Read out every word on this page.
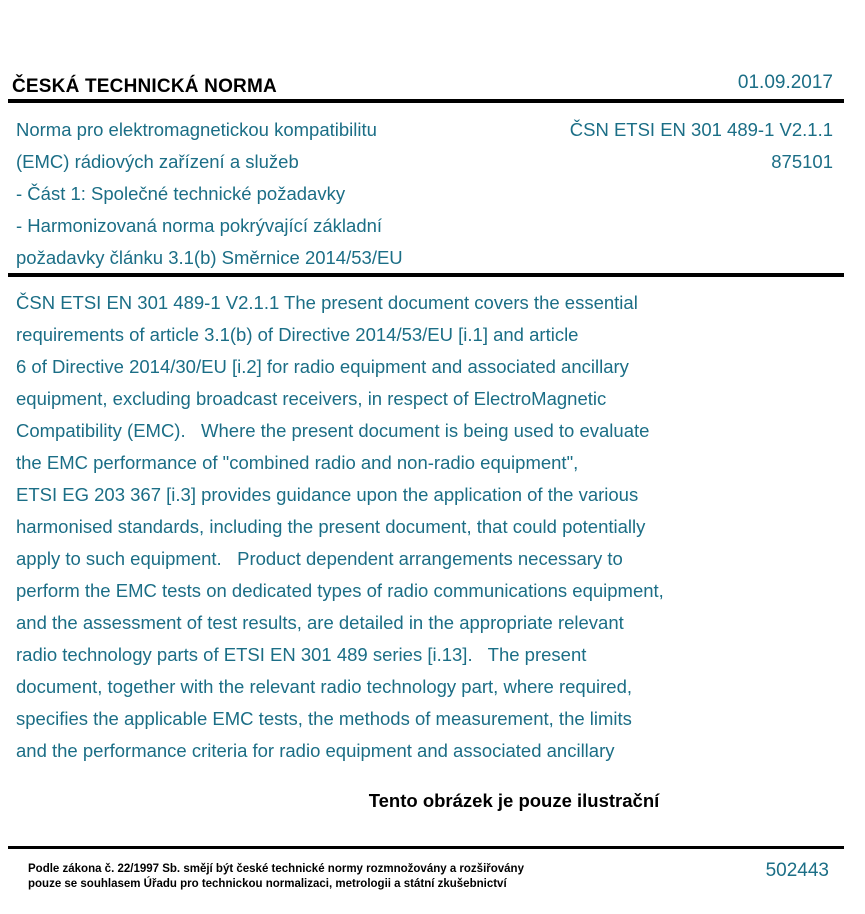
ČESKÁ TECHNICKÁ NORMA	01.09.2017
Norma pro elektromagnetickou kompatibilitu
(EMC) rádiových zařízení a služeb
- Část 1: Společné technické požadavky
- Harmonizovaná norma pokrývající základní
požadavky článku 3.1(b) Směrnice 2014/53/EU
ČSN ETSI EN 301 489-1 V2.1.1
875101
ČSN ETSI EN 301 489-1 V2.1.1 The present document covers the essential
requirements of article 3.1(b) of Directive 2014/53/EU [i.1] and article
6 of Directive 2014/30/EU [i.2] for radio equipment and associated ancillary
equipment, excluding broadcast receivers, in respect of ElectroMagnetic
Compatibility (EMC).   Where the present document is being used to evaluate
the EMC performance of "combined radio and non-radio equipment",
ETSI EG 203 367 [i.3] provides guidance upon the application of the various
harmonised standards, including the present document, that could potentially
apply to such equipment.   Product dependent arrangements necessary to
perform the EMC tests on dedicated types of radio communications equipment,
and the assessment of test results, are detailed in the appropriate relevant
radio technology parts of ETSI EN 301 489 series [i.13].   The present
document, together with the relevant radio technology part, where required,
specifies the applicable EMC tests, the methods of measurement, the limits
and the performance criteria for radio equipment and associated ancillary
Tento obrázek je pouze ilustrační
Podle zákona č. 22/1997 Sb. smějí být české technické normy rozmnožovány a rozšiřovány
pouze se souhlasem Úřadu pro technickou normalizaci, metrologii a státní zkušebnictví
502443
